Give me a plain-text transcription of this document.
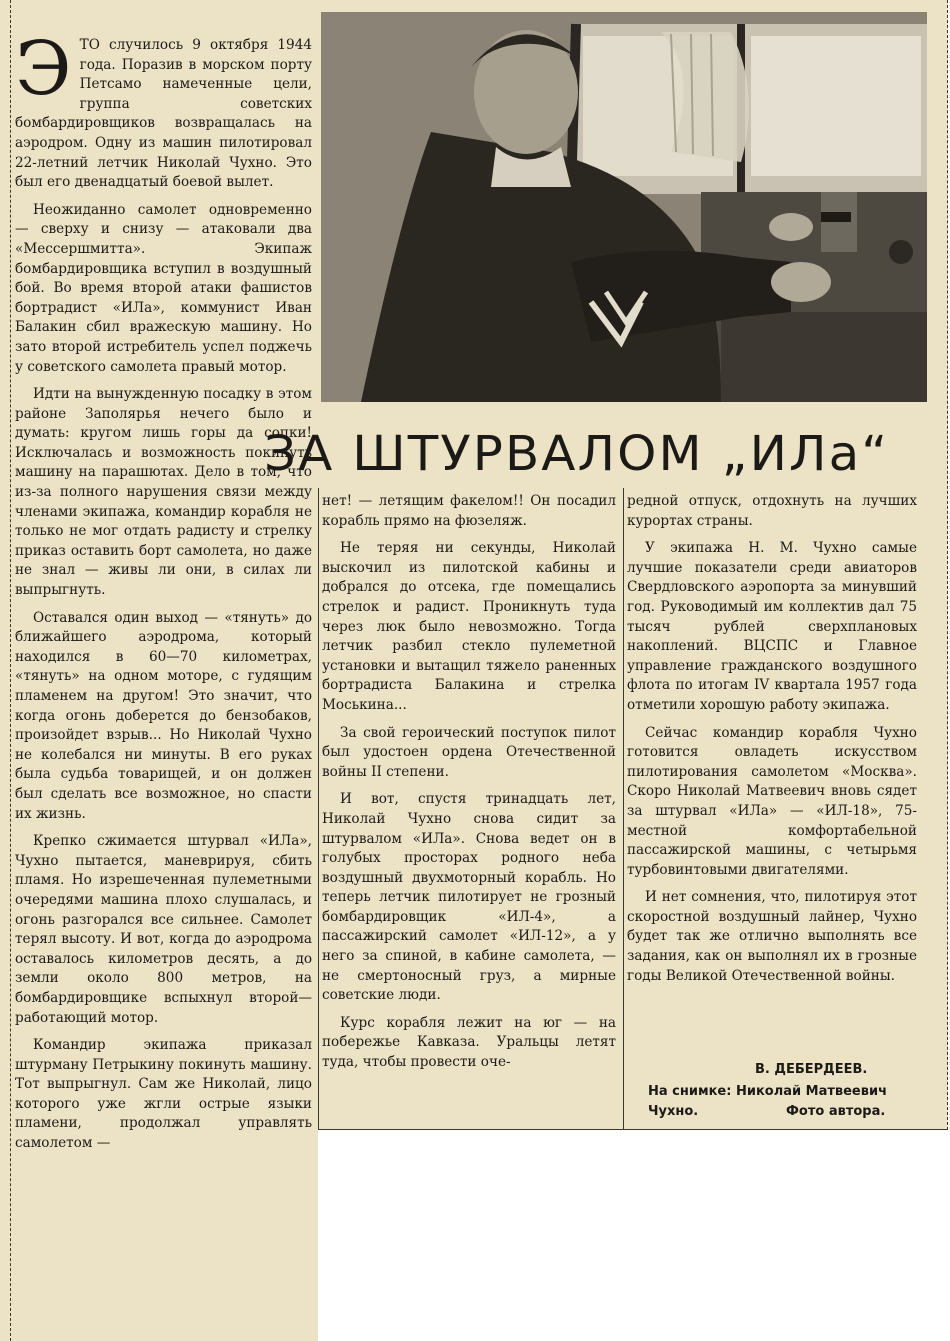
ЗА ШТУРВАЛОМ „ИЛа“

ЭТО случилось 9 октября 1944 года. Поразив в морском порту Петсамо намеченные цели, группа советских бомбардировщиков возвращалась на аэродром. Одну из машин пилотировал 22-летний летчик Николай Чухно. Это был его двенадцатый боевой вылет.

Неожиданно самолет одновременно — сверху и снизу — атаковали два «Мессершмитта». Экипаж бомбардировщика вступил в воздушный бой. Во время второй атаки фашистов бортрадист «ИЛа», коммунист Иван Балакин сбил вражескую машину. Но зато второй истребитель успел поджечь у советского самолета правый мотор.

Идти на вынужденную посадку в этом районе Заполярья нечего было и думать: кругом лишь горы да сопки! Исключалась и возможность покинуть машину на парашютах. Дело в том, что из-за полного нарушения связи между членами экипажа, командир корабля не только не мог отдать радисту и стрелку приказ оставить борт самолета, но даже не знал — живы ли они, в силах ли выпрыгнуть.

Оставался один выход — «тянуть» до ближайшего аэродрома, который находился в 60—70 километрах, «тянуть» на одном моторе, с гудящим пламенем на другом! Это значит, что когда огонь доберется до бензобаков, произойдет взрыв... Но Николай Чухно не колебался ни минуты. В его руках была судьба товарищей, и он должен был сделать все возможное, но спасти их жизнь.

Крепко сжимается штурвал «ИЛа», Чухно пытается, маневрируя, сбить пламя. Но изрешеченная пулеметными очередями машина плохо слушалась, и огонь разгорался все сильнее. Самолет терял высоту. И вот, когда до аэродрома оставалось километров десять, а до земли около 800 метров, на бомбардировщике вспыхнул второй—работающий мотор.

Командир экипажа приказал штурману Петрыкину покинуть машину. Тот выпрыгнул. Сам же Николай, лицо которого уже жгли острые языки пламени, продолжал управлять самолетом —

нет! — летящим факелом!! Он посадил корабль прямо на фюзеляж.

Не теряя ни секунды, Николай выскочил из пилотской кабины и добрался до отсека, где помещались стрелок и радист. Проникнуть туда через люк было невозможно. Тогда летчик разбил стекло пулеметной установки и вытащил тяжело раненных бортрадиста Балакина и стрелка Моськина...

За свой героический поступок пилот был удостоен ордена Отечественной войны II степени.

И вот, спустя тринадцать лет, Николай Чухно снова сидит за штурвалом «ИЛа». Снова ведет он в голубых просторах родного неба воздушный двухмоторный корабль. Но теперь летчик пилотирует не грозный бомбардировщик «ИЛ-4», а пассажирский самолет «ИЛ-12», а у него за спиной, в кабине самолета, — не смертоносный груз, а мирные советские люди.

Курс корабля лежит на юг — на побережье Кавказа. Уральцы летят туда, чтобы провести оче-

редной отпуск, отдохнуть на лучших курортах страны.

У экипажа Н. М. Чухно самые лучшие показатели среди авиаторов Свердловского аэропорта за минувший год. Руководимый им коллектив дал 75 тысяч рублей сверхплановых накоплений. ВЦСПС и Главное управление гражданского воздушного флота по итогам IV квартала 1957 года отметили хорошую работу экипажа.

Сейчас командир корабля Чухно готовится овладеть искусством пилотирования самолетом «Москва». Скоро Николай Матвеевич вновь сядет за штурвал «ИЛа» — «ИЛ-18», 75-местной комфортабельной пассажирской машины, с четырьмя турбовинтовыми двигателями.

И нет сомнения, что, пилотируя этот скоростной воздушный лайнер, Чухно будет так же отлично выполнять все задания, как он выполнял их в грозные годы Великой Отечественной войны.

В. ДЕБЕРДЕЕВ.
На снимке: Николай Матвеевич Чухно.	Фото автора.
